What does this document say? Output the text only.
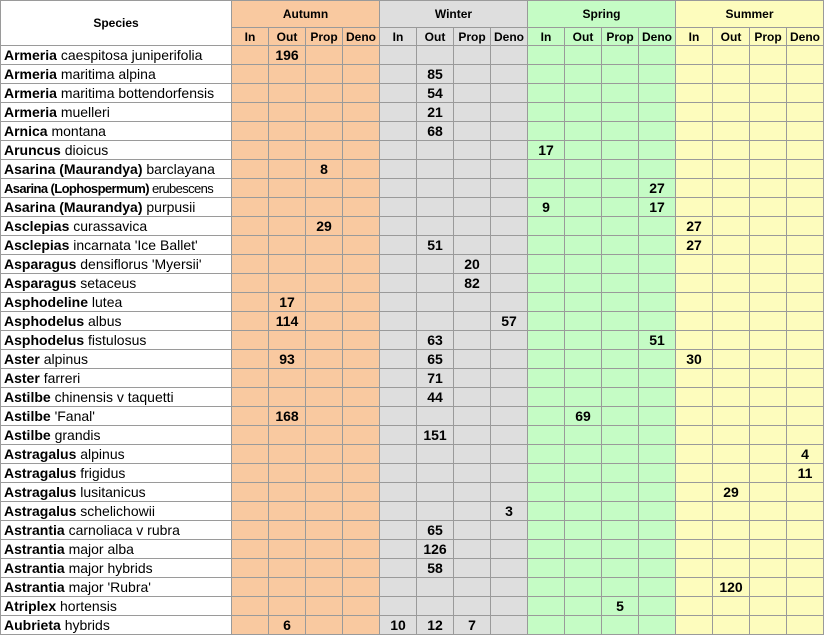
Species	Autumn				Winter				Spring				Summer			
	In	Out	Prop	Deno	In	Out	Prop	Deno	In	Out	Prop	Deno	In	Out	Prop	Deno
Armeria caespitosa juniperifolia		196														
Armeria maritima alpina						85										
Armeria maritima bottendorfensis						54										
Armeria muelleri						21										
Arnica montana						68										
Aruncus dioicus									17							
Asarina (Maurandya) barclayana			8													
Asarina (Lophospermum) erubescens												27				
Asarina (Maurandya) purpusii									9			17				
Asclepias curassavica			29										27			
Asclepias incarnata 'Ice Ballet'						51							27			
Asparagus densiflorus 'Myersii'							20									
Asparagus setaceus							82									
Asphodeline lutea		17														
Asphodelus albus		114						57								
Asphodelus fistulosus						63						51				
Aster alpinus		93				65							30			
Aster farreri						71										
Astilbe chinensis v taquetti						44										
Astilbe 'Fanal'		168								69						
Astilbe grandis						151										
Astragalus alpinus																4
Astragalus frigidus																11
Astragalus lusitanicus														29		
Astragalus schelichowii								3								
Astrantia carnoliaca v rubra						65										
Astrantia major alba						126										
Astrantia major hybrids						58										
Astrantia major 'Rubra'														120		
Atriplex hortensis											5					
Aubrieta hybrids		6			10	12	7									
